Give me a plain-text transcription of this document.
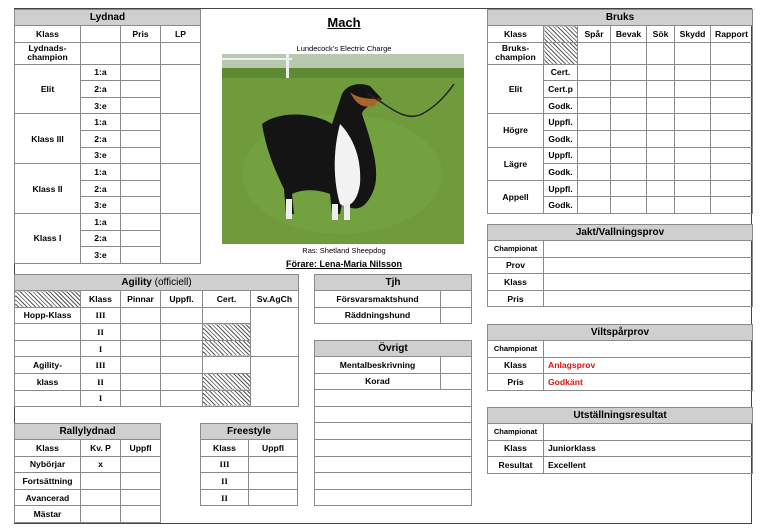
Lydnad			
Klass		Pris	LP
Lydnads-
champion			
Elit	1:a		
	2:a		
	3:e		
Klass III	1:a		
	2:a		
	3:e		
Klass II	1:a		
	2:a		
	3:e		
Klass I	1:a		
	2:a		
	3:e		
Mach
Lundecock’s Electric Charge
Ras: Shetland Sheepdog
Förare: Lena-Maria Nilsson
Bruks						
Klass		Spår	Bevak	Sök	Skydd	Rapport
Bruks-
champion						
Elit	Cert.					
	Cert.p					
	Godk.					
Högre	Uppfl.					
	Godk.					
Lägre	Uppfl.					
	Godk.					
Appell	Uppfl.					
	Godk.					
Jakt/Vallningsprov	
Championat	
Prov	
Klass	
Pris	
Viltspårprov	
Championat	
Klass	Anlagsprov
Pris	Godkänt
Utställningsresultat	
Championat	
Klass	Juniorklass
Resultat	Excellent
Agility (officiell)					
	Klass	Pinnar	Uppfl.	Cert.	Sv.AgCh
Hopp-Klass	III				
	II				
	I				
Agility-	III				
klass	II				
	I				
Tjh	
Försvarsmaktshund	
Räddningshund	
Övrigt	
Mentalbeskrivning	
Korad	

Rallylydnad		
Klass	Kv. P	Uppfl
Nybörjar	x	
Fortsättning		
Avancerad		
Mästar		
Freestyle	
Klass	Uppfl
III	
II	
II	
